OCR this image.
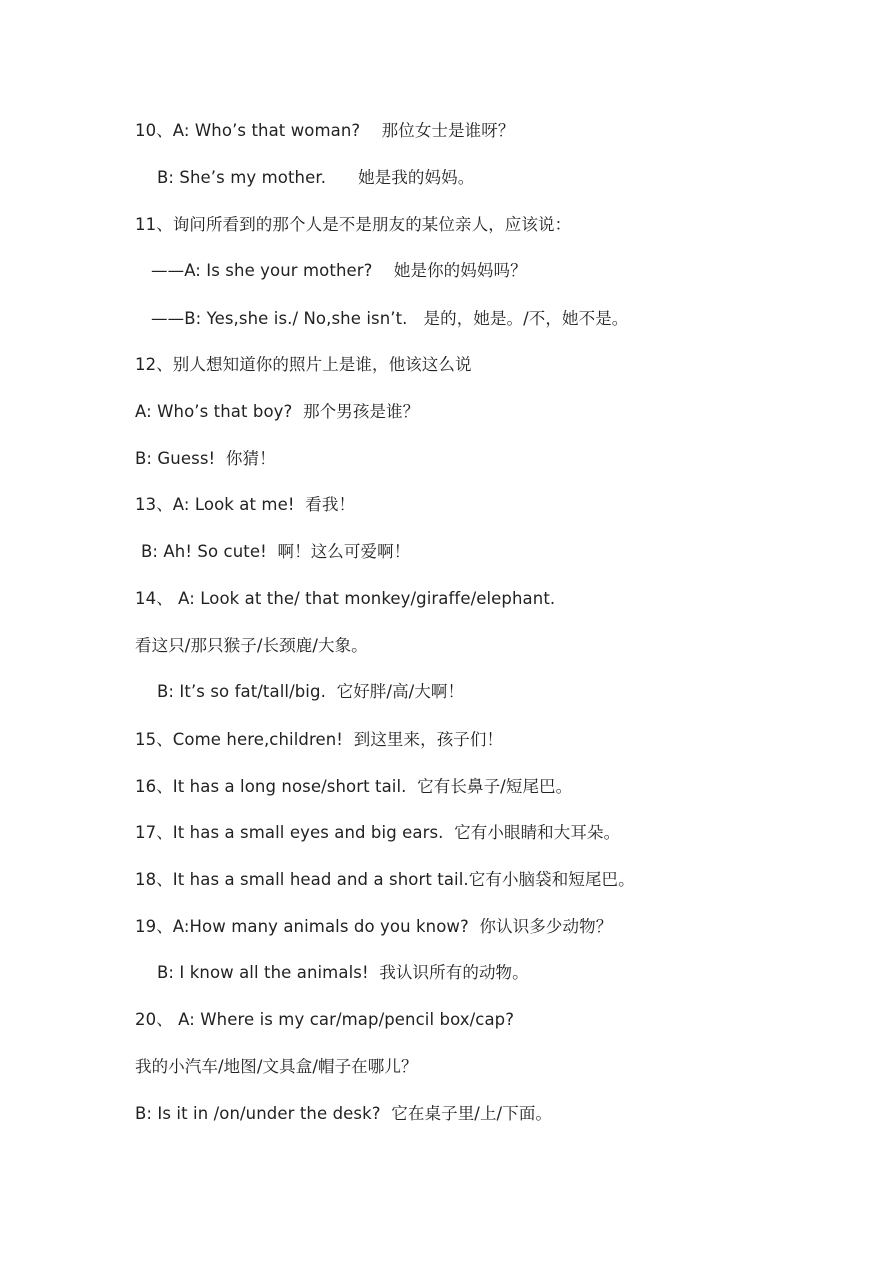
10、A: Who’s that woman?    那位女士是谁呀？
B: She’s my mother.      她是我的妈妈。
11、询问所看到的那个人是不是朋友的某位亲人，应该说：
——A: Is she your mother?    她是你的妈妈吗？
——B: Yes,she is./ No,she isn’t.   是的，她是。/不，她不是。
12、别人想知道你的照片上是谁，他该这么说
A: Who’s that boy?  那个男孩是谁？
B: Guess!  你猜！
13、A: Look at me!  看我！
B: Ah! So cute!  啊！这么可爱啊！
14、 A: Look at the/ that monkey/giraffe/elephant.
看这只/那只猴子/长颈鹿/大象。
B: It’s so fat/tall/big.  它好胖/高/大啊！
15、Come here,children!  到这里来，孩子们！
16、It has a long nose/short tail.  它有长鼻子/短尾巴。
17、It has a small eyes and big ears.  它有小眼睛和大耳朵。
18、It has a small head and a short tail.它有小脑袋和短尾巴。
19、A:How many animals do you know?  你认识多少动物？
B: I know all the animals!  我认识所有的动物。
20、 A: Where is my car/map/pencil box/cap?
我的小汽车/地图/文具盒/帽子在哪儿？
B: Is it in /on/under the desk?  它在桌子里/上/下面。
